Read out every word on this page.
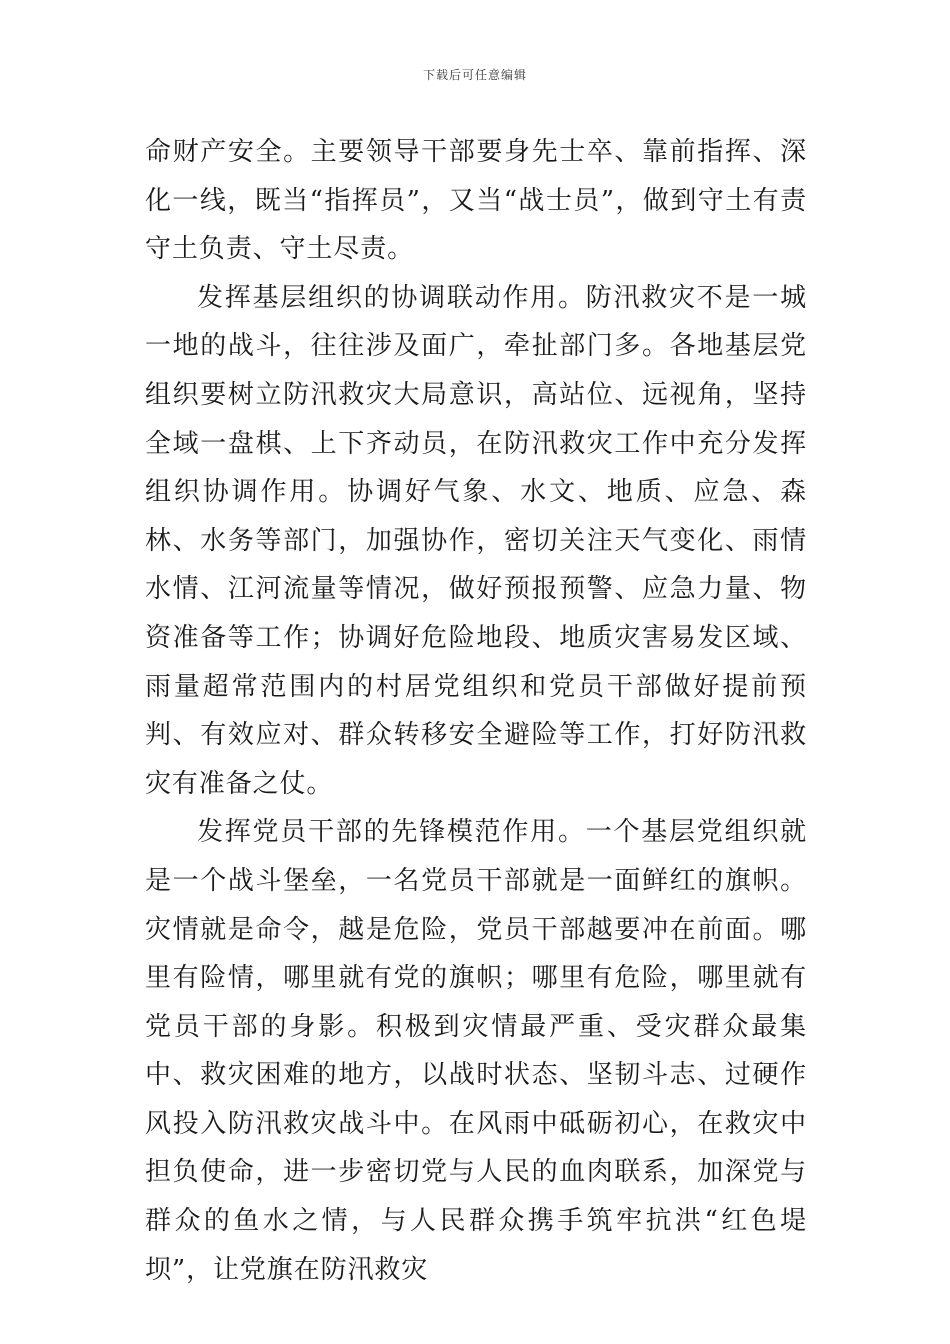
下载后可任意编辑

命财产安全。主要领导干部要身先士卒、靠前指挥、深化一线，既当“指挥员”，又当“战士员”，做到守土有责守土负责、守土尽责。

发挥基层组织的协调联动作用。防汛救灾不是一城一地的战斗，往往涉及面广，牵扯部门多。各地基层党组织要树立防汛救灾大局意识，高站位、远视角，坚持全域一盘棋、上下齐动员，在防汛救灾工作中充分发挥组织协调作用。协调好气象、水文、地质、应急、森林、水务等部门，加强协作，密切关注天气变化、雨情水情、江河流量等情况，做好预报预警、应急力量、物资准备等工作；协调好危险地段、地质灾害易发区域、雨量超常范围内的村居党组织和党员干部做好提前预判、有效应对、群众转移安全避险等工作，打好防汛救灾有准备之仗。

发挥党员干部的先锋模范作用。一个基层党组织就是一个战斗堡垒，一名党员干部就是一面鲜红的旗帜。灾情就是命令，越是危险，党员干部越要冲在前面。哪里有险情，哪里就有党的旗帜；哪里有危险，哪里就有党员干部的身影。积极到灾情最严重、受灾群众最集中、救灾困难的地方，以战时状态、坚韧斗志、过硬作风投入防汛救灾战斗中。在风雨中砥砺初心，在救灾中担负使命，进一步密切党与人民的血肉联系，加深党与群众的鱼水之情，与人民群众携手筑牢抗洪“红色堤坝”，让党旗在防汛救灾
